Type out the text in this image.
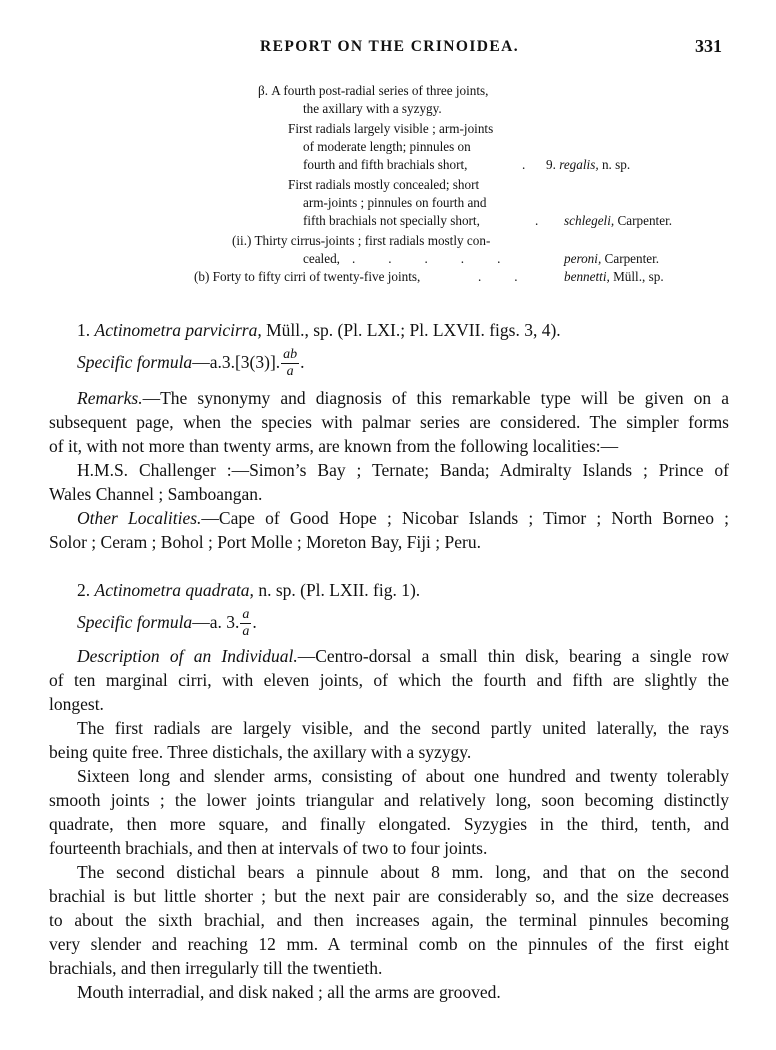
REPORT ON THE CRINOIDEA.	331
β. A fourth post-radial series of three joints,
the axillary with a syzygy.
First radials largely visible ; arm-joints
of moderate length; pinnules on
fourth and fifth brachials short,	. 9. regalis, n. sp.
First radials mostly concealed; short
arm-joints ; pinnules on fourth and
fifth brachials not specially short,	. schlegeli, Carpenter.
(ii.) Thirty cirrus-joints ; first radials mostly con-
cealed, .          .          .          .          .	peroni, Carpenter.
(b) Forty to fifty cirri of twenty-five joints,	.          .	bennetti, Müll., sp.
1. Actinometra parvicirra, Müll., sp. (Pl. LXI.; Pl. LXVII. figs. 3, 4).
Specific formula—a.3.[3(3)]. $\frac{ab}{a}$ .
Remarks.—The synonymy and diagnosis of this remarkable type will be given on a
subsequent page, when the species with palmar series are considered. The simpler forms
of it, with not more than twenty arms, are known from the following localities:—
H.M.S. Challenger :—Simon’s Bay ; Ternate; Banda; Admiralty Islands ; Prince of
Wales Channel ; Samboangan.
Other Localities.—Cape of Good Hope ; Nicobar Islands ; Timor ; North Borneo ;
Solor ; Ceram ; Bohol ; Port Molle ; Moreton Bay, Fiji ; Peru.
2. Actinometra quadrata, n. sp. (Pl. LXII. fig. 1).
Specific formula—a. 3. $\frac{a}{a}$ .
Description of an Individual.—Centro-dorsal a small thin disk, bearing a single row
of ten marginal cirri, with eleven joints, of which the fourth and fifth are slightly the
longest.
The first radials are largely visible, and the second partly united laterally, the rays
being quite free. Three distichals, the axillary with a syzygy.
Sixteen long and slender arms, consisting of about one hundred and twenty tolerably
smooth joints ; the lower joints triangular and relatively long, soon becoming distinctly
quadrate, then more square, and finally elongated. Syzygies in the third, tenth, and
fourteenth brachials, and then at intervals of two to four joints.
The second distichal bears a pinnule about 8 mm. long, and that on the second
brachial is but little shorter ; but the next pair are considerably so, and the size decreases
to about the sixth brachial, and then increases again, the terminal pinnules becoming
very slender and reaching 12 mm. A terminal comb on the pinnules of the first eight
brachials, and then irregularly till the twentieth.
Mouth interradial, and disk naked ; all the arms are grooved.
